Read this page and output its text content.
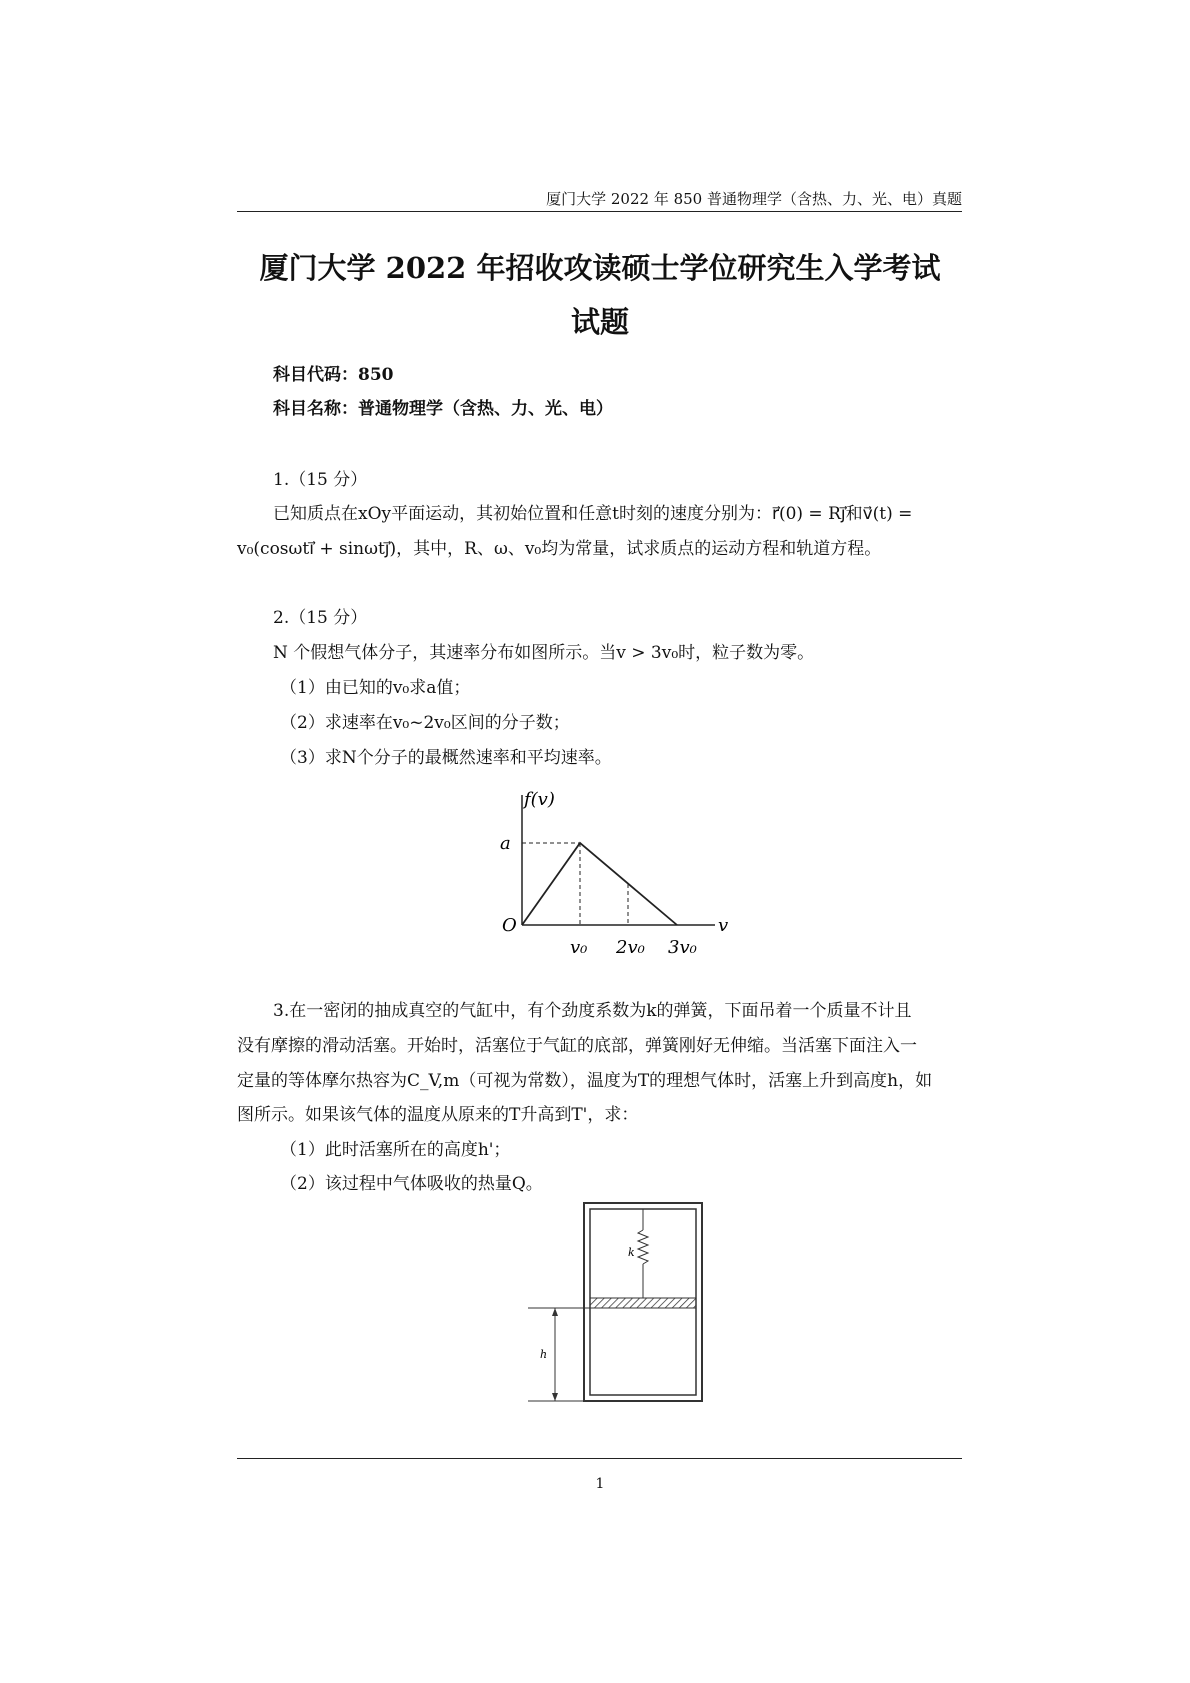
厦门大学 2022 年 850 普通物理学（含热、力、光、电）真题
厦门大学 2022 年招收攻读硕士学位研究生入学考试
试题
科目代码：850
科目名称：普通物理学（含热、力、光、电）
1.（15 分）
已知质点在xOy平面运动，其初始位置和任意t时刻的速度分别为：r⃗(0) = Rj⃗和v⃗(t) =
v₀(cosωti⃗ + sinωtj⃗)，其中，R、ω、v₀均为常量，试求质点的运动方程和轨道方程。
2.（15 分）
N 个假想气体分子，其速率分布如图所示。当v > 3v₀时，粒子数为零。
（1）由已知的v₀求a值；
（2）求速率在v₀~2v₀区间的分子数；
（3）求N个分子的最概然速率和平均速率。
f(v)
a
O	v
v₀ 2v₀ 3v₀
3.在一密闭的抽成真空的气缸中，有个劲度系数为k的弹簧，下面吊着一个质量不计且
没有摩擦的滑动活塞。开始时，活塞位于气缸的底部，弹簧刚好无伸缩。当活塞下面注入一
定量的等体摩尔热容为C_V,m（可视为常数），温度为T的理想气体时，活塞上升到高度h，如
图所示。如果该气体的温度从原来的T升高到T'，求：
（1）此时活塞所在的高度h'；
（2）该过程中气体吸收的热量Q。
k
h
1
